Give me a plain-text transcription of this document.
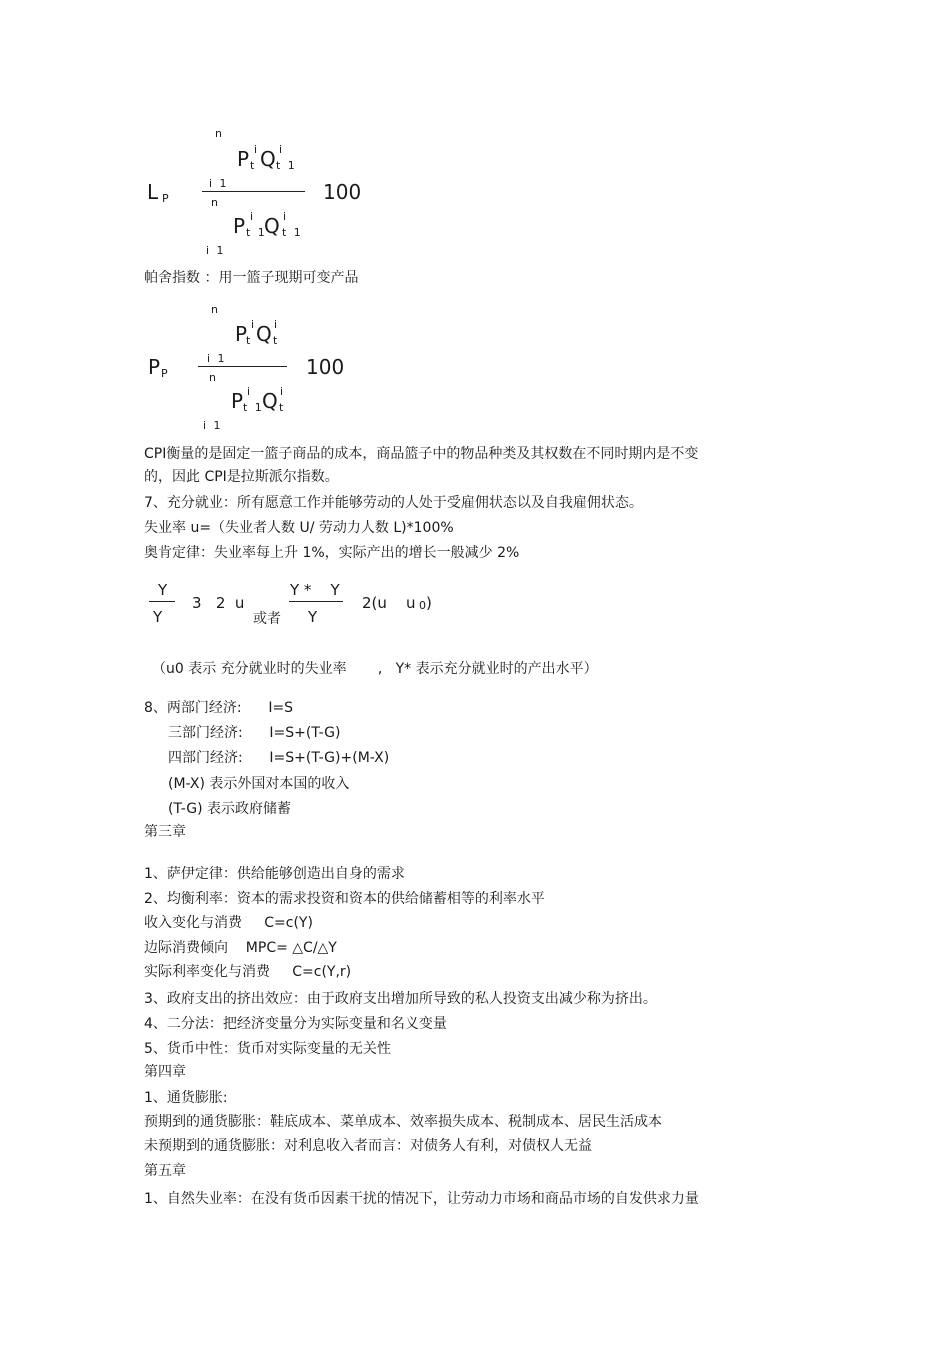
n
P t
i Q i
t 1
L P
i 1	100
n
P t 1
i Q i
t 1
i 1
帕舍指数 ：用一篮子现期可变产品
n
P
t
i Q i
t
P P
i 1	100
n
P t 1
i Q i
t
i 1
CPI衡量的是固定一篮子商品的成本，商品篮子中的物品种类及其权数在不同时期内是不变
的，因此 CPI是拉斯派尔指数。
7、充分就业：所有愿意工作并能够劳动的人处于受雇佣状态以及自我雇佣状态。
失业率 u=（失业者人数 U/ 劳动力人数 L)*100%
奥肯定律：失业率每上升 1%，实际产出的增长一般减少 2%
Y
Y
3   2  u
或者
Y *    Y
Y
2(u    u 0 )
（u0 表示 充分就业时的失业率       ,   Y* 表示充分就业时的产出水平）
8、两部门经济:      I=S
三部门经济:      I=S+(T-G)
四部门经济:      I=S+(T-G)+(M-X)
(M-X) 表示外国对本国的收入
(T-G) 表示政府储蓄
第三章
1、萨伊定律：供给能够创造出自身的需求
2、均衡利率：资本的需求投资和资本的供给储蓄相等的利率水平
收入变化与消费     C=c(Y)
边际消费倾向    MPC= △C/△Y
实际利率变化与消费     C=c(Y,r)
3、政府支出的挤出效应：由于政府支出增加所导致的私人投资支出减少称为挤出。
4、二分法：把经济变量分为实际变量和名义变量
5、货币中性：货币对实际变量的无关性
第四章
1、通货膨胀:
预期到的通货膨胀：鞋底成本、菜单成本、效率损失成本、税制成本、居民生活成本
未预期到的通货膨胀：对利息收入者而言：对债务人有利，对债权人无益
第五章
1、自然失业率：在没有货币因素干扰的情况下，让劳动力市场和商品市场的自发供求力量
